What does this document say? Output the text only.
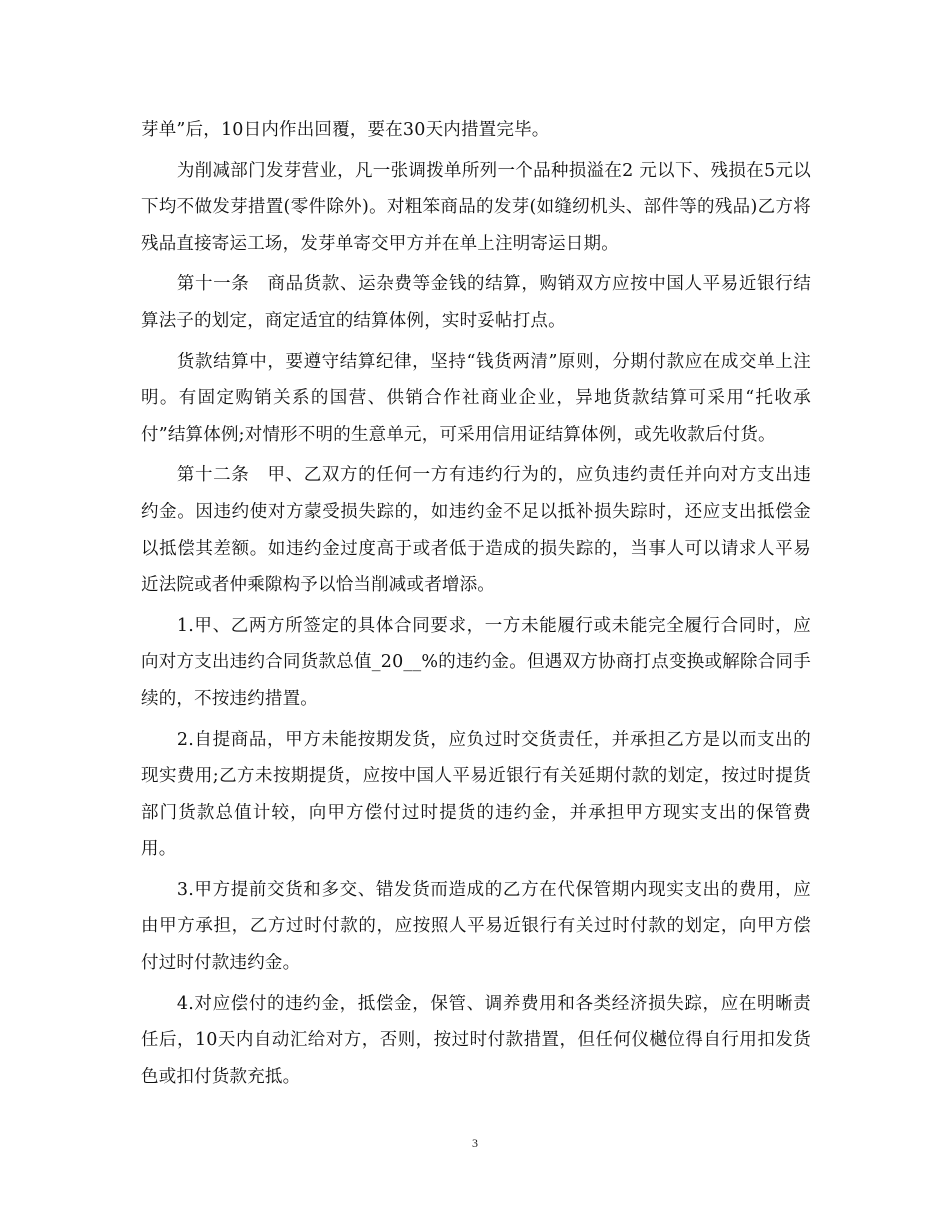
芽单”后，10日内作出回覆，要在30天内措置完毕。

为削减部门发芽营业，凡一张调拨单所列一个品种损溢在2 元以下、残损在5元以下均不做发芽措置(零件除外)。对粗笨商品的发芽(如缝纫机头、部件等的残品)乙方将残品直接寄运工场，发芽单寄交甲方并在单上注明寄运日期。

第十一条　商品货款、运杂费等金钱的结算，购销双方应按中国人平易近银行结算法子的划定，商定适宜的结算体例，实时妥帖打点。

货款结算中，要遵守结算纪律，坚持“钱货两清”原则，分期付款应在成交单上注明。有固定购销关系的国营、供销合作社商业企业，异地货款结算可采用“托收承付”结算体例;对情形不明的生意单元，可采用信用证结算体例，或先收款后付货。

第十二条　甲、乙双方的任何一方有违约行为的，应负违约责任并向对方支出违约金。因违约使对方蒙受损失踪的，如违约金不足以抵补损失踪时，还应支出抵偿金以抵偿其差额。如违约金过度高于或者低于造成的损失踪的，当事人可以请求人平易近法院或者仲乘隙构予以恰当削减或者增添。

1.甲、乙两方所签定的具体合同要求，一方未能履行或未能完全履行合同时，应向对方支出违约合同货款总值_20__%的违约金。但遇双方协商打点变换或解除合同手续的，不按违约措置。

2.自提商品，甲方未能按期发货，应负过时交货责任，并承担乙方是以而支出的现实费用;乙方未按期提货，应按中国人平易近银行有关延期付款的划定，按过时提货部门货款总值计较，向甲方偿付过时提货的违约金，并承担甲方现实支出的保管费用。

3.甲方提前交货和多交、错发货而造成的乙方在代保管期内现实支出的费用，应由甲方承担，乙方过时付款的，应按照人平易近银行有关过时付款的划定，向甲方偿付过时付款违约金。

4.对应偿付的违约金，抵偿金，保管、调养费用和各类经济损失踪，应在明晰责任后，10天内自动汇给对方，否则，按过时付款措置，但任何仪樾位得自行用扣发货色或扣付货款充抵。

3
